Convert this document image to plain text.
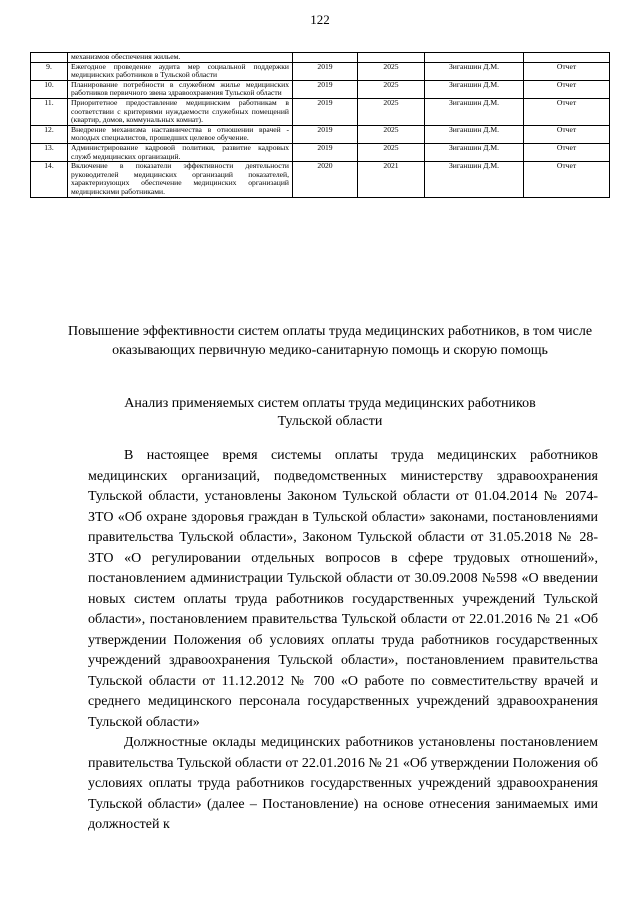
122
	механизмов обеспечения жильем.				
9.	Ежегодное проведение аудита мер социальной поддержки медицинских работников в Тульской области	2019	2025	Зиганшин Д.М.	Отчет
10.	Планирование потребности в служебном жилье медицинских работников первичного звена здравоохранения Тульской области	2019	2025	Зиганшин Д.М.	Отчет
11.	Приоритетное предоставление медицинским работникам в соответствии с критериями нуждаемости служебных помещений (квартир, домов, коммунальных комнат).	2019	2025	Зиганшин Д.М.	Отчет
12.	Внедрение механизма наставничества в отношении врачей - молодых специалистов, прошедших целевое обучение.	2019	2025	Зиганшин Д.М.	Отчет
13.	Администрирование кадровой политики, развитие кадровых служб медицинских организаций.	2019	2025	Зиганшин Д.М.	Отчет
14.	Включение в показатели эффективности деятельности руководителей медицинских организаций показателей, характеризующих обеспечение медицинских организаций медицинскими работниками.	2020	2021	Зиганшин Д.М.	Отчет
Повышение эффективности систем оплаты труда медицинских работников, в том числе оказывающих первичную медико-санитарную помощь и скорую помощь
Анализ применяемых систем оплаты труда медицинских работников Тульской области

В настоящее время системы оплаты труда медицинских работников медицинских организаций, подведомственных министерству здравоохранения Тульской области, установлены Законом Тульской области от 01.04.2014 № 2074-ЗТО «Об охране здоровья граждан в Тульской области» законами, постановлениями правительства Тульской области», Законом Тульской области от 31.05.2018 № 28-ЗТО «О регулировании отдельных вопросов в сфере трудовых отношений», постановлением администрации Тульской области от 30.09.2008 №598 «О введении новых систем оплаты труда работников государственных учреждений Тульской области», постановлением правительства Тульской области от 22.01.2016 № 21 «Об утверждении Положения об условиях оплаты труда работников государственных учреждений здравоохранения Тульской области», постановлением правительства Тульской области от 11.12.2012 № 700 «О работе по совместительству врачей и среднего медицинского персонала государственных учреждений здравоохранения Тульской области»

Должностные оклады медицинских работников установлены постановлением правительства Тульской области от 22.01.2016 № 21 «Об утверждении Положения об условиях оплаты труда работников государственных учреждений здравоохранения Тульской области» (далее – Постановление) на основе отнесения занимаемых ими должностей к
